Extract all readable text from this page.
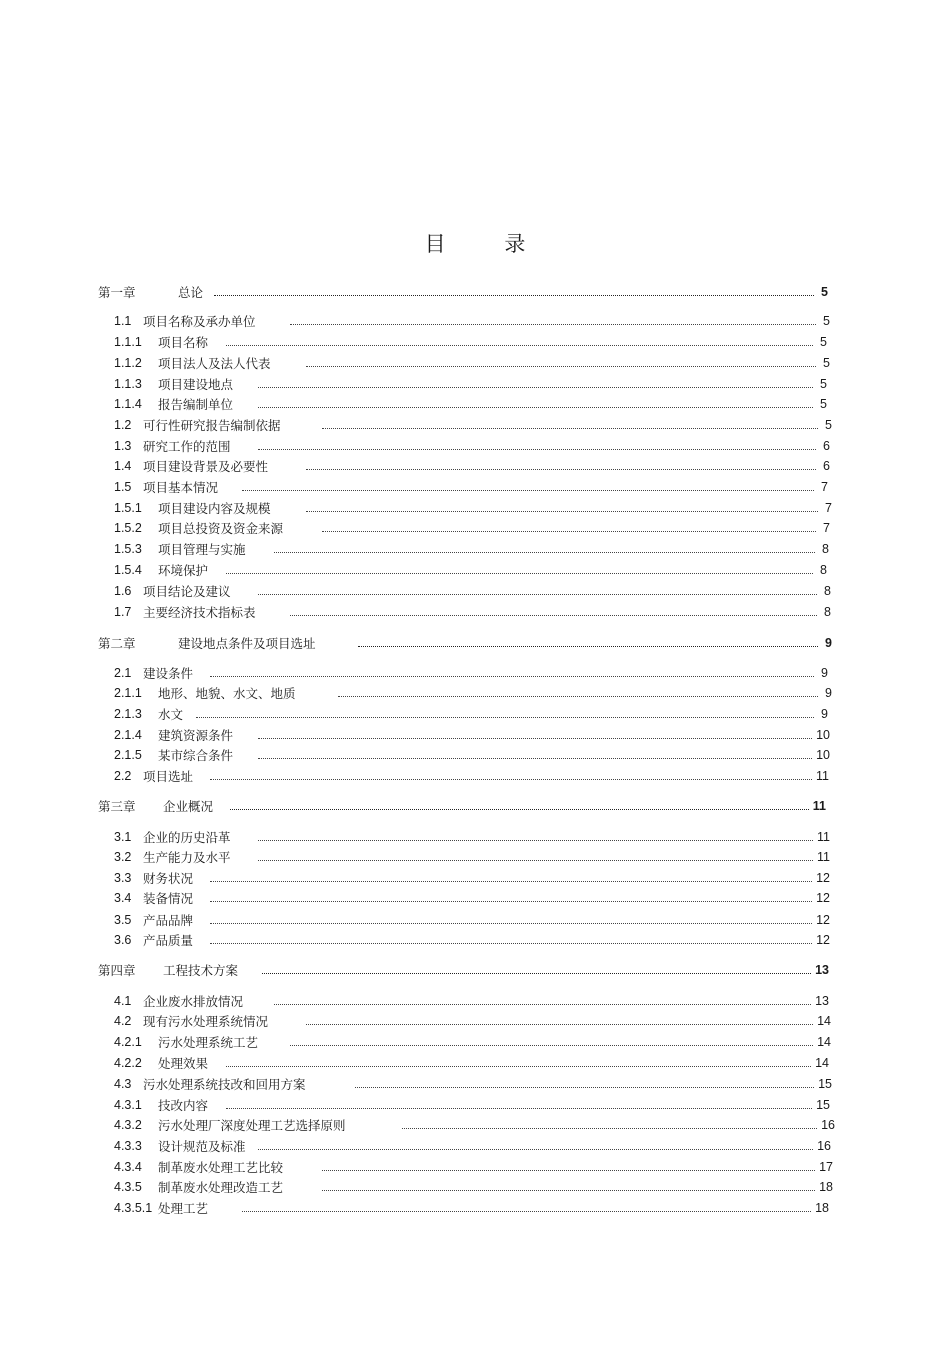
目 录
第一章	总论	5
1.1 项目名称及承办单位	5
1.1.1	项目名称	5
1.1.2	项目法人及法人代表	5
1.1.3	项目建设地点	5
1.1.4	报告编制单位	5
1.2 可行性研究报告编制依据	5
1.3 研究工作的范围	6
1.4 项目建设背景及必要性	6
1.5 项目基本情况	7
1.5.1	项目建设内容及规模	7
1.5.2	项目总投资及资金来源	7
1.5.3	项目管理与实施	8
1.5.4	环境保护	8
1.6 项目结论及建议	8
1.7 主要经济技术指标表	8
第二章	建设地点条件及项目选址	9
2.1 建设条件	9
2.1.1	地形、地貌、水文、地质	9
2.1.3	水文	9
2.1.4	建筑资源条件	10
2.1.5	某市综合条件	10
2.2 项目选址	11
第三章	企业概况	11
3.1 企业的历史沿革	11
3.2 生产能力及水平	11
3.3 财务状况	12
3.4 装备情况	12
3.5 产品品牌	12
3.6 产品质量	12
第四章	工程技术方案	13
4.1 企业废水排放情况	13
4.2 现有污水处理系统情况	14
4.2.1	污水处理系统工艺	14
4.2.2	处理效果	14
4.3 污水处理系统技改和回用方案	15
4.3.1	技改内容	15
4.3.2	污水处理厂深度处理工艺选择原则	16
4.3.3	设计规范及标准	16
4.3.4	制革废水处理工艺比较	17
4.3.5	制革废水处理改造工艺	18
4.3.5.1 处理工艺	18
